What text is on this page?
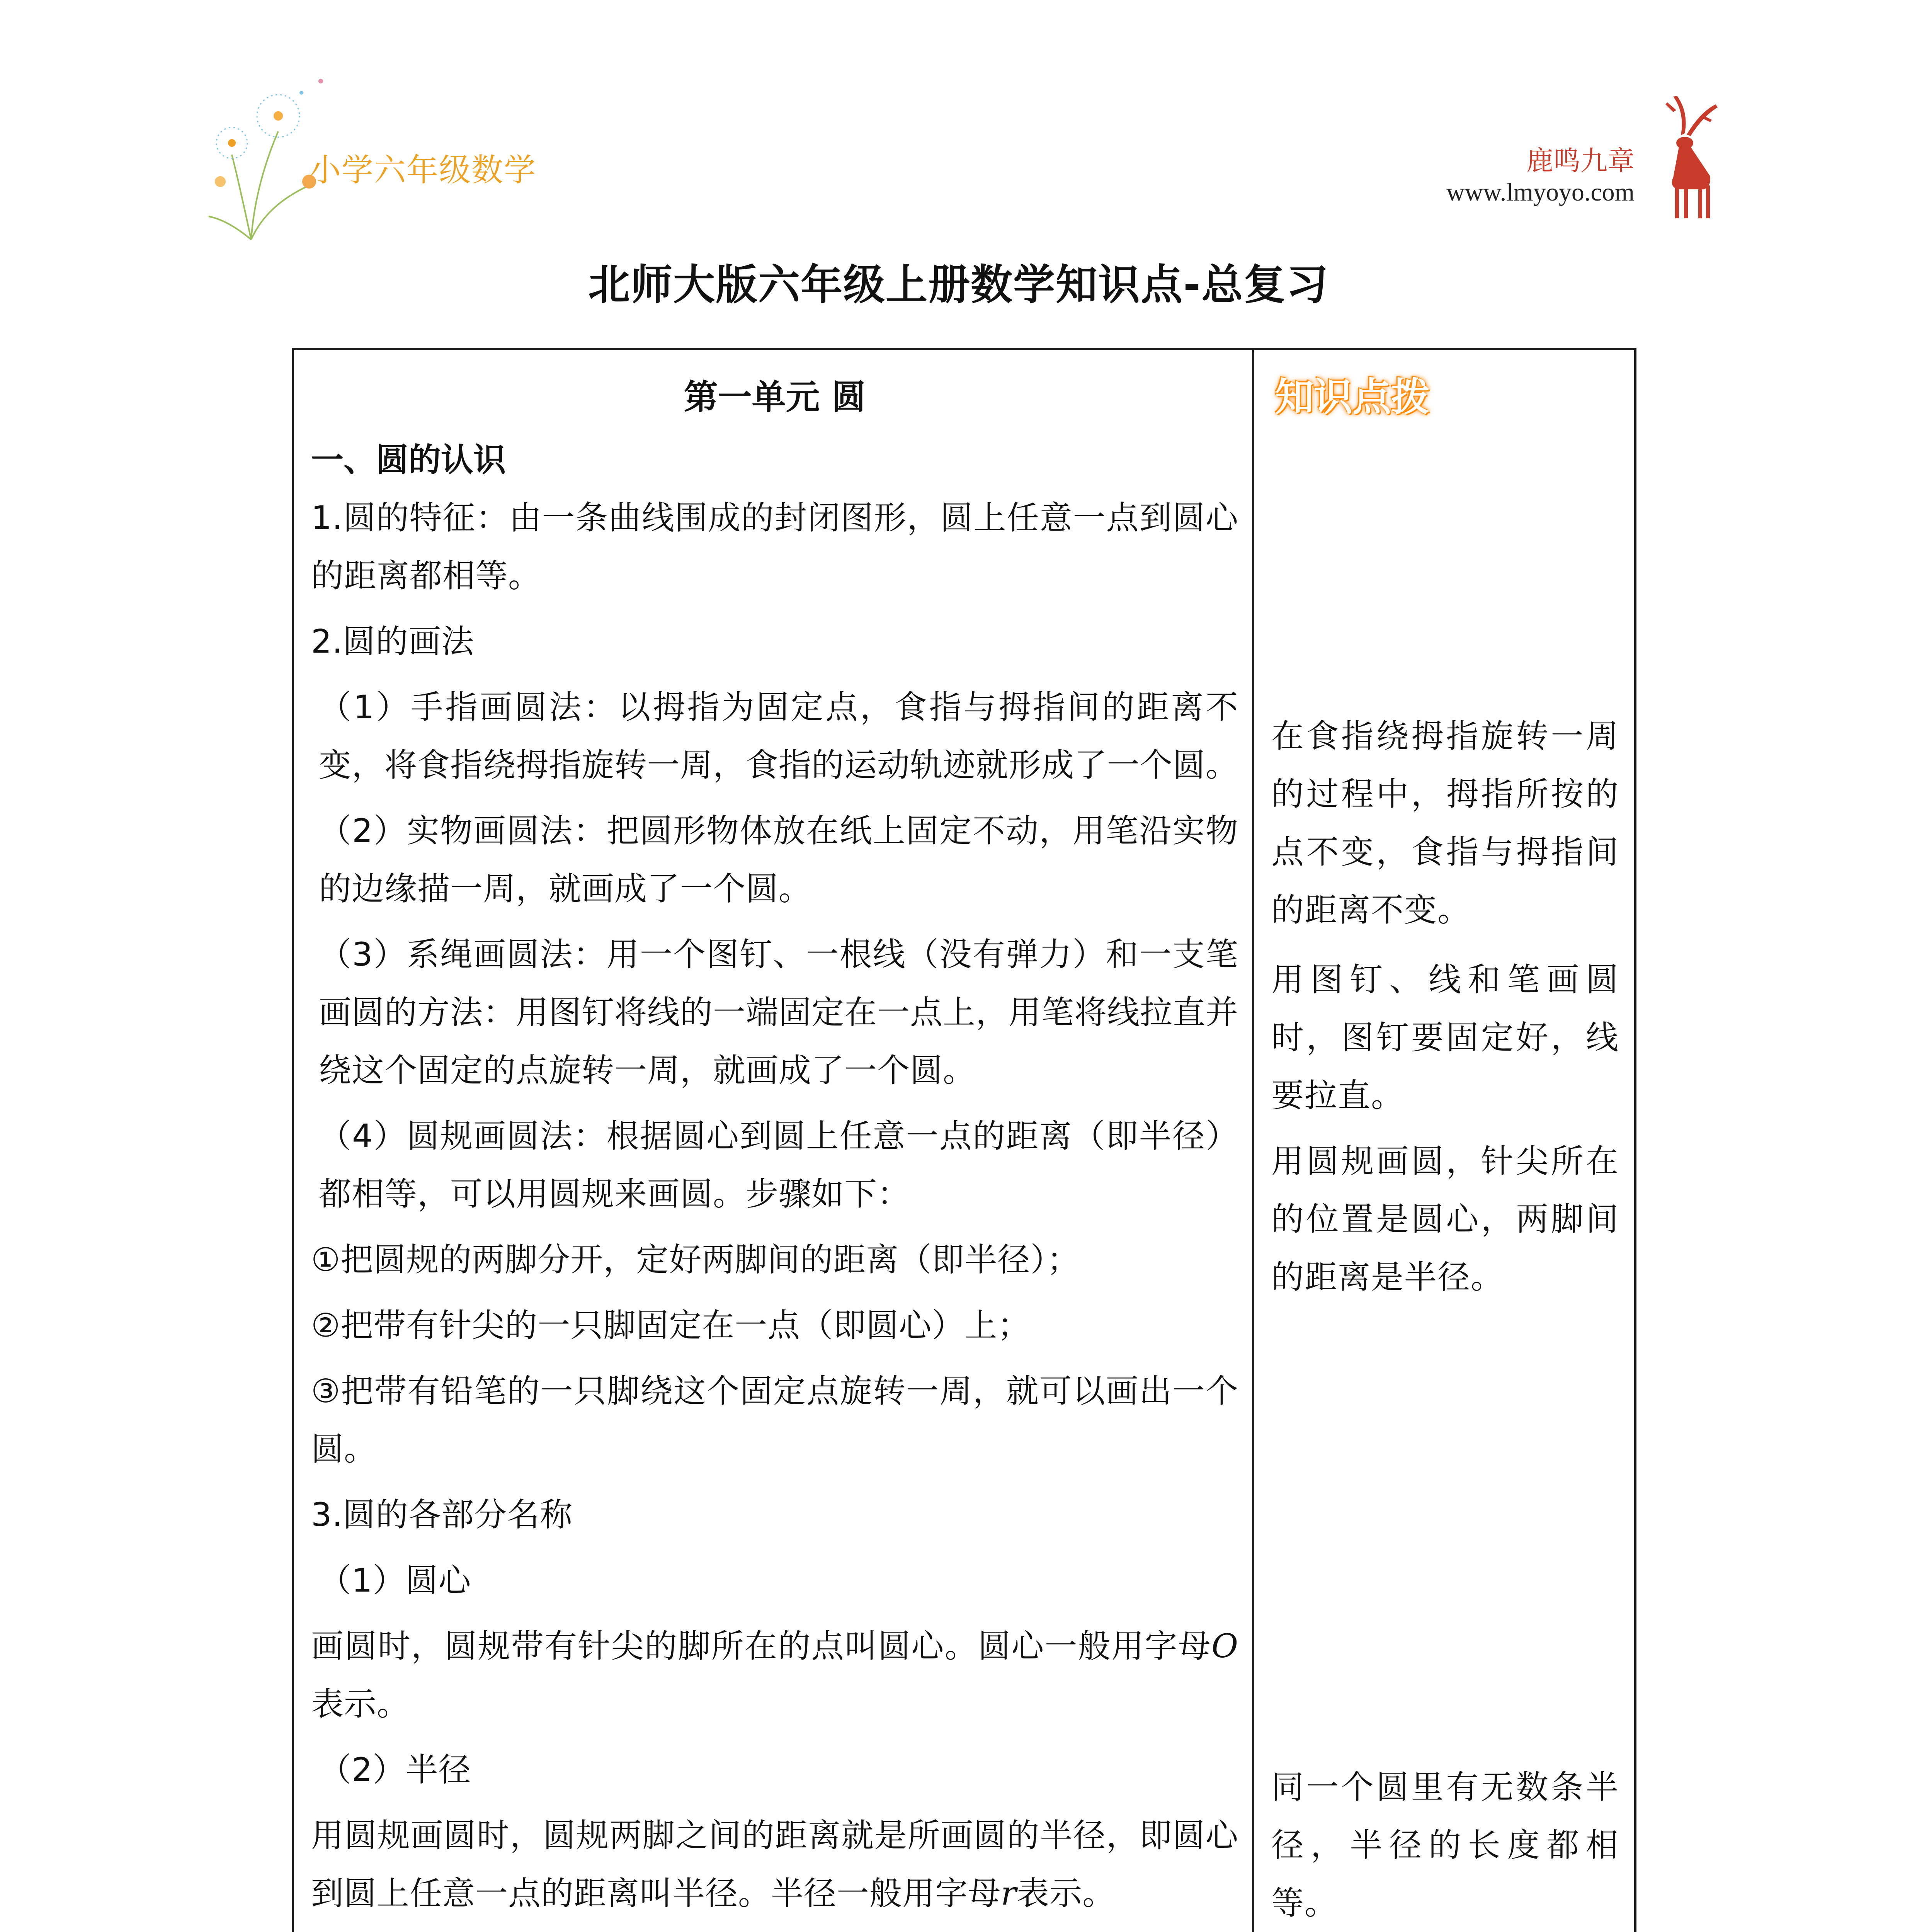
小学六年级数学	鹿鸣九章
www.lmyoyo.com
北师大版六年级上册数学知识点-总复习
第一单元 圆
一、圆的认识
1.圆的特征：由一条曲线围成的封闭图形，圆上任意一点到圆心的距离都相等。
2.圆的画法
（1）手指画圆法：以拇指为固定点，食指与拇指间的距离不变，将食指绕拇指旋转一周，食指的运动轨迹就形成了一个圆。
（2）实物画圆法：把圆形物体放在纸上固定不动，用笔沿实物的边缘描一周，就画成了一个圆。
（3）系绳画圆法：用一个图钉、一根线（没有弹力）和一支笔画圆的方法：用图钉将线的一端固定在一点上，用笔将线拉直并绕这个固定的点旋转一周，就画成了一个圆。
（4）圆规画圆法：根据圆心到圆上任意一点的距离（即半径）都相等，可以用圆规来画圆。步骤如下：
①把圆规的两脚分开，定好两脚间的距离（即半径）；
②把带有针尖的一只脚固定在一点（即圆心）上；
③把带有铅笔的一只脚绕这个固定点旋转一周，就可以画出一个圆。
3.圆的各部分名称
（1）圆心
画圆时，圆规带有针尖的脚所在的点叫圆心。圆心一般用字母O表示。
（2）半径
用圆规画圆时，圆规两脚之间的距离就是所画圆的半径，即圆心到圆上任意一点的距离叫半径。半径一般用字母r表示。
知识点拨
在食指绕拇指旋转一周的过程中，拇指所按的点不变，食指与拇指间的距离不变。
用图钉、线和笔画圆时，图钉要固定好，线要拉直。
用圆规画圆，针尖所在的位置是圆心，两脚间的距离是半径。
同一个圆里有无数条半径，半径的长度都相等。
